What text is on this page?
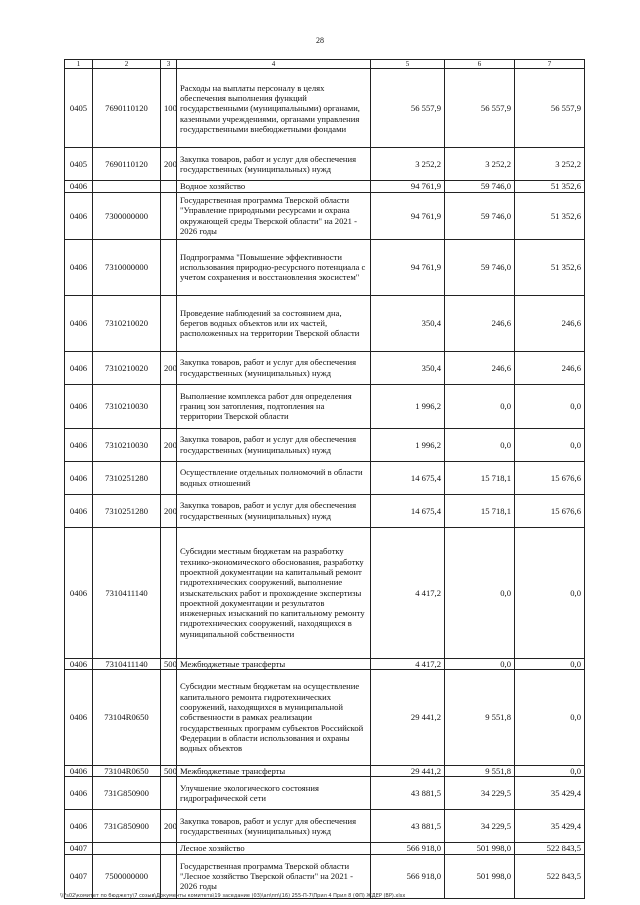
28
1	2	3	4	5	6	7
0405	7690110120	100	Расходы на выплаты персоналу в целях обеспечения выполнения функций государственными (муниципальными) органами, казенными учреждениями, органами управления государственными внебюджетными фондами	56 557,9	56 557,9	56 557,9
0405	7690110120	200	Закупка товаров, работ и услуг для обеспечения государственных (муниципальных) нужд	3 252,2	3 252,2	3 252,2
0406			Водное хозяйство	94 761,9	59 746,0	51 352,6
0406	7300000000		Государственная программа Тверской области "Управление природными ресурсами и охрана окружающей среды Тверской области" на 2021 - 2026 годы	94 761,9	59 746,0	51 352,6
0406	7310000000		Подпрограмма "Повышение эффективности использования природно-ресурсного потенциала с учетом сохранения и восстановления экосистем"	94 761,9	59 746,0	51 352,6
0406	7310210020		Проведение наблюдений за состоянием дна, берегов водных объектов или их частей, расположенных на территории Тверской области	350,4	246,6	246,6
0406	7310210020	200	Закупка товаров, работ и услуг для обеспечения государственных (муниципальных) нужд	350,4	246,6	246,6
0406	7310210030		Выполнение комплекса работ для определения границ зон затопления, подтопления на территории Тверской области	1 996,2	0,0	0,0
0406	7310210030	200	Закупка товаров, работ и услуг для обеспечения государственных (муниципальных) нужд	1 996,2	0,0	0,0
0406	7310251280		Осуществление отдельных полномочий в области водных отношений	14 675,4	15 718,1	15 676,6
0406	7310251280	200	Закупка товаров, работ и услуг для обеспечения государственных (муниципальных) нужд	14 675,4	15 718,1	15 676,6
0406	7310411140		Субсидии местным бюджетам на разработку технико-экономического обоснования, разработку проектной документации на капитальный ремонт гидротехнических сооружений, выполнение изыскательских работ и прохождение экспертизы проектной документации и результатов инженерных изысканий по капитальному ремонту гидротехнических сооружений, находящихся в муниципальной собственности	4 417,2	0,0	0,0
0406	7310411140	500	Межбюджетные трансферты	4 417,2	0,0	0,0
0406	73104R0650		Субсидии местным бюджетам на осуществление капитального ремонта гидротехнических сооружений, находящихся в муниципальной собственности в рамках реализации государственных программ субъектов Российской Федерации в области использования и охраны водных объектов	29 441,2	9 551,8	0,0
0406	73104R0650	500	Межбюджетные трансферты	29 441,2	9 551,8	0,0
0406	731G850900		Улучшение экологического состояния гидрографической сети	43 881,5	34 229,5	35 429,4
0406	731G850900	200	Закупка товаров, работ и услуг для обеспечения государственных (муниципальных) нужд	43 881,5	34 229,5	35 429,4
0407			Лесное хозяйство	566 918,0	501 998,0	522 843,5
0407	7500000000		Государственная программа Тверской области "Лесное хозяйство Тверской области" на 2021 - 2026 годы	566 918,0	501 998,0	522 843,5
\\Fs02\комитет по бюджету\7 созыв\Документы комитета\19 заседание (03)\ап\пп\(16) 255-П-7\Прил 4 Прил 8 (ФП) ЖДЕР (ВР).xlsx
